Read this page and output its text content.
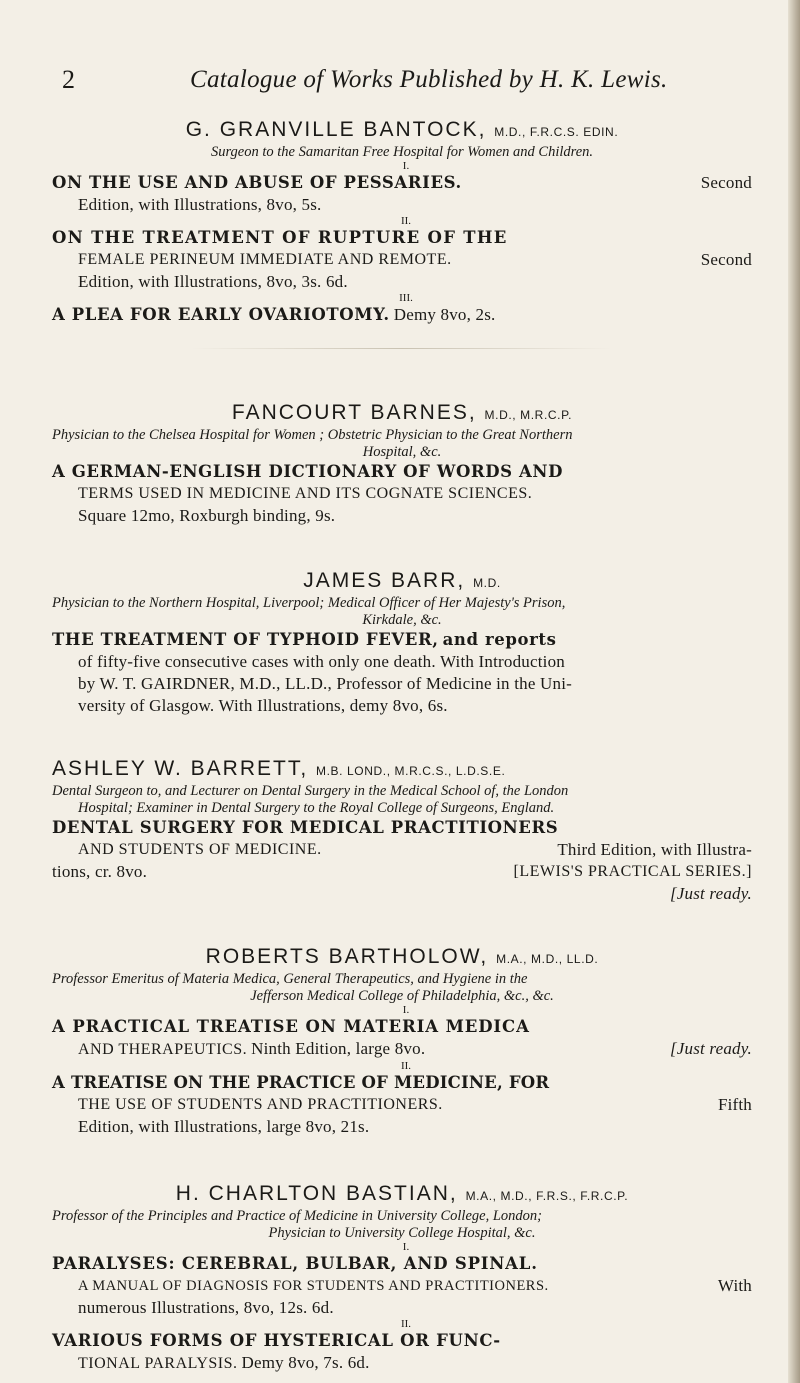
2	Catalogue of Works Published by H. K. Lewis.
G. GRANVILLE BANTOCK, M.D., F.R.C.S. EDIN.
Surgeon to the Samaritan Free Hospital for Women and Children.
I.
ON THE USE AND ABUSE OF PESSARIES.	Second
Edition, with Illustrations, 8vo, 5s.
II.
ON THE TREATMENT OF RUPTURE OF THE
FEMALE PERINEUM IMMEDIATE AND REMOTE.	Second
Edition, with Illustrations, 8vo, 3s. 6d.
III.
A PLEA FOR EARLY OVARIOTOMY. Demy 8vo, 2s.
FANCOURT BARNES, M.D., M.R.C.P.
Physician to the Chelsea Hospital for Women ; Obstetric Physician to the Great Northern
Hospital, &c.
A GERMAN-ENGLISH DICTIONARY OF WORDS AND
TERMS USED IN MEDICINE AND ITS COGNATE SCIENCES.
Square 12mo, Roxburgh binding, 9s.
JAMES BARR, M.D.
Physician to the Northern Hospital, Liverpool; Medical Officer of Her Majesty's Prison,
Kirkdale, &c.
THE TREATMENT OF TYPHOID FEVER, and reports
of fifty-five consecutive cases with only one death. With Introduction
by W. T. GAIRDNER, M.D., LL.D., Professor of Medicine in the Uni-
versity of Glasgow. With Illustrations, demy 8vo, 6s.
ASHLEY W. BARRETT, M.B. LOND., M.R.C.S., L.D.S.E.
Dental Surgeon to, and Lecturer on Dental Surgery in the Medical School of, the London
Hospital; Examiner in Dental Surgery to the Royal College of Surgeons, England.
DENTAL SURGERY FOR MEDICAL PRACTITIONERS
AND STUDENTS OF MEDICINE.	Third Edition, with Illustra-
tions, cr. 8vo.	[LEWIS'S PRACTICAL SERIES.]
[Just ready.
ROBERTS BARTHOLOW, M.A., M.D., LL.D.
Professor Emeritus of Materia Medica, General Therapeutics, and Hygiene in the
Jefferson Medical College of Philadelphia, &c., &c.
I.
A PRACTICAL TREATISE ON MATERIA MEDICA
AND THERAPEUTICS. Ninth Edition, large 8vo.	[Just ready.
II.
A TREATISE ON THE PRACTICE OF MEDICINE, FOR
THE USE OF STUDENTS AND PRACTITIONERS.	Fifth
Edition, with Illustrations, large 8vo, 21s.
H. CHARLTON BASTIAN, M.A., M.D., F.R.S., F.R.C.P.
Professor of the Principles and Practice of Medicine in University College, London;
Physician to University College Hospital, &c.
I.
PARALYSES: CEREBRAL, BULBAR, AND SPINAL.
A MANUAL OF DIAGNOSIS FOR STUDENTS AND PRACTITIONERS.	With
numerous Illustrations, 8vo, 12s. 6d.
II.
VARIOUS FORMS OF HYSTERICAL OR FUNC-
TIONAL PARALYSIS. Demy 8vo, 7s. 6d.
